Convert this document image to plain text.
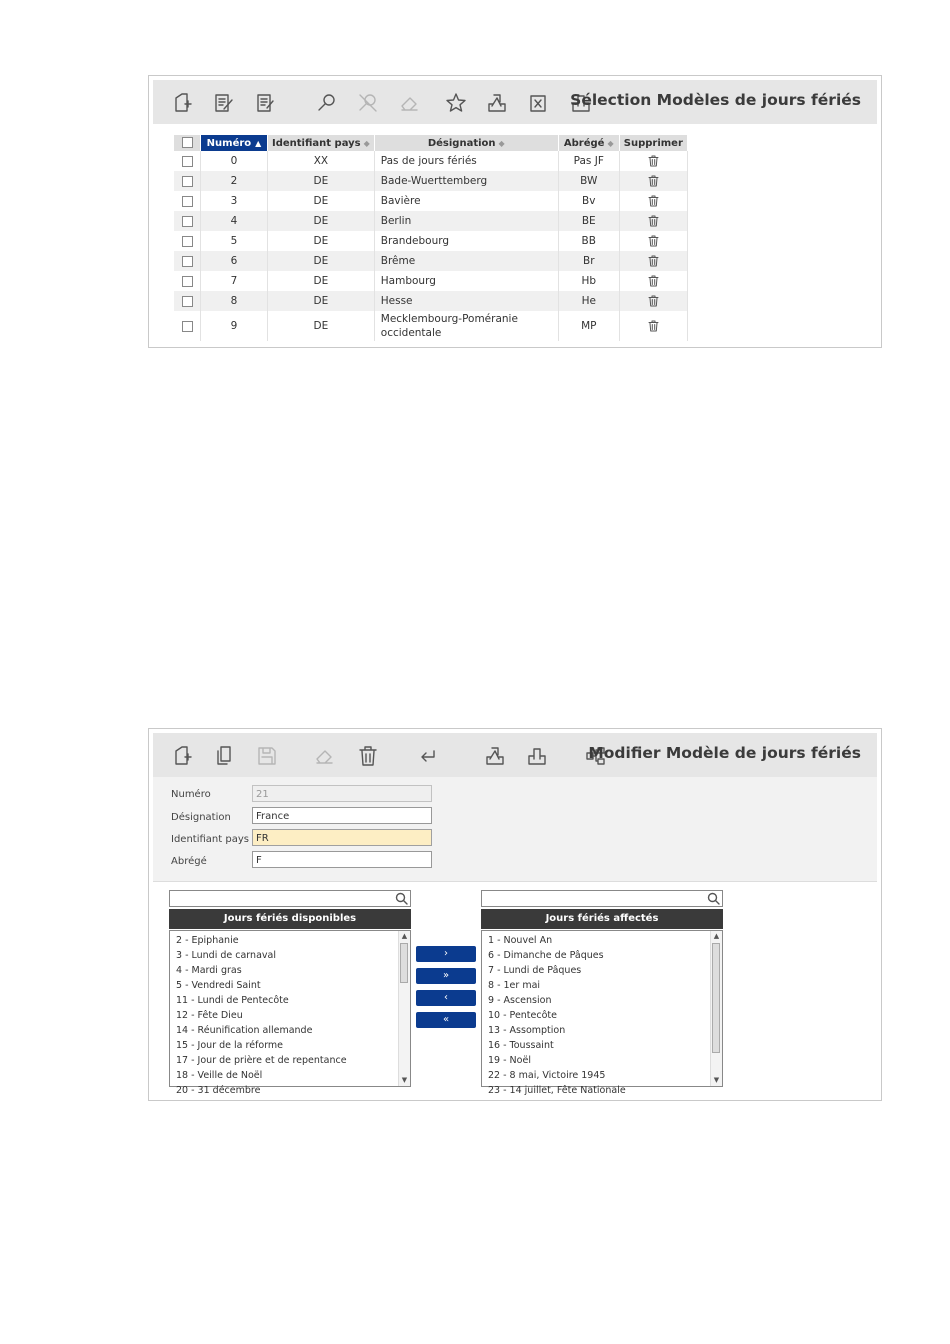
Sélection Modèles de jours fériés
	Numéro ▲	Identifiant pays ◆	Désignation ◆	Abrégé ◆	Supprimer
	0	XX	Pas de jours fériés	Pas JF	
	2	DE	Bade-Wuerttemberg	BW	
	3	DE	Bavière	Bv	
	4	DE	Berlin	BE	
	5	DE	Brandebourg	BB	
	6	DE	Brême	Br	
	7	DE	Hambourg	Hb	
	8	DE	Hesse	He	
	9	DE	Mecklembourg-Poméranie
occidentale	MP	
Modifier Modèle de jours fériés
Numéro	21
Désignation	France
Identifiant pays FR
Abrégé	F
Jours fériés disponibles
2 - Epiphanie
3 - Lundi de carnaval
4 - Mardi gras
5 - Vendredi Saint
11 - Lundi de Pentecôte
12 - Fête Dieu
14 - Réunification allemande
15 - Jour de la réforme
17 - Jour de prière et de repentance
18 - Veille de Noël
20 - 31 décembre
▲
▼
›
»
‹
«
Jours fériés affectés
1 - Nouvel An
6 - Dimanche de Pâques
7 - Lundi de Pâques
8 - 1er mai
9 - Ascension
10 - Pentecôte
13 - Assomption
16 - Toussaint
19 - Noël
22 - 8 mai, Victoire 1945
23 - 14 juillet, Fête Nationale
▲
▼
